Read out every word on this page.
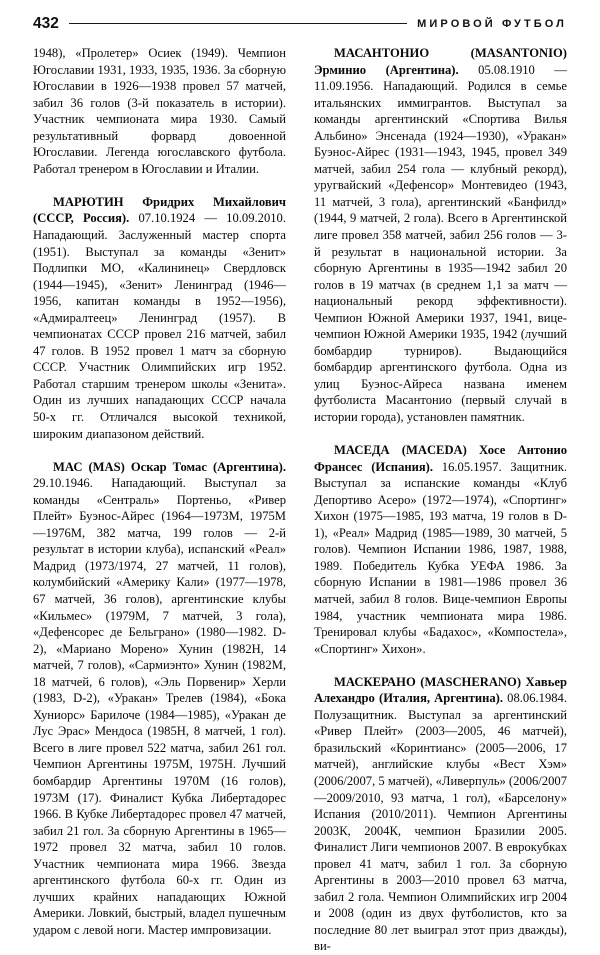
432	МИРОВОЙ ФУТБОЛ

1948), «Пролетер» Осиек (1949). Чемпион Югославии 1931, 1933, 1935, 1936. За сборную Югославии в 1926—1938 провел 57 матчей, забил 36 голов (3-й показатель в истории). Участник чемпионата мира 1930. Самый результативный форвард довоенной Югославии. Легенда югославского футбола. Работал тренером в Югославии и Италии.

МАРЮТИН Фридрих Михайлович (СССР, Россия). 07.10.1924 — 10.09.2010. Нападающий. Заслуженный мастер спорта (1951). Выступал за команды «Зенит» Подлипки МО, «Калининец» Свердловск (1944—1945), «Зенит» Ленинград (1946—1956, капитан команды в 1952—1956), «Адмиралтеец» Ленинград (1957). В чемпионатах СССР провел 216 матчей, забил 47 голов. В 1952 провел 1 матч за сборную СССР. Участник Олимпийских игр 1952. Работал старшим тренером школы «Зенита». Один из лучших нападающих СССР начала 50-х гг. Отличался высокой техникой, широким диапазоном действий.

МАС (MAS) Оскар Томас (Аргентина). 29.10.1946. Нападающий. Выступал за команды «Сентраль» Портеньо, «Ривер Плейт» Буэнос-Айрес (1964—1973М, 1975М—1976М, 382 матча, 199 голов — 2-й результат в истории клуба), испанский «Реал» Мадрид (1973/1974, 27 матчей, 11 голов), колумбийский «Америку Кали» (1977—1978, 67 матчей, 36 голов), аргентинские клубы «Кильмес» (1979М, 7 матчей, 3 гола), «Дефенсорес де Бельграно» (1980—1982. D-2), «Мариано Морено» Хунин (1982Н, 14 матчей, 7 голов), «Сармиэнто» Хунин (1982М, 18 матчей, 6 голов), «Эль Порвенир» Херли (1983, D-2), «Уракан» Трелев (1984), «Бока Хуниорс» Барилоче (1984—1985), «Уракан де Лус Эрас» Мендоса (1985Н, 8 матчей, 1 гол). Всего в лиге провел 522 матча, забил 261 гол. Чемпион Аргентины 1975М, 1975Н. Лучший бомбардир Аргентины 1970М (16 голов), 1973М (17). Финалист Кубка Либертадорес 1966. В Кубке Либертадорес провел 47 матчей, забил 21 гол. За сборную Аргентины в 1965—1972 провел 32 матча, забил 10 голов. Участник чемпионата мира 1966. Звезда аргентинского футбола 60-х гг. Один из лучших крайних нападающих Южной Америки. Ловкий, быстрый, владел пушечным ударом с левой ноги. Мастер импровизации.

МАСАНТОНИО (MASANTONIO) Эрминио (Аргентина). 05.08.1910 — 11.09.1956. Нападающий. Родился в семье итальянских иммигрантов. Выступал за команды аргентинский «Спортива Вилья Альбино» Энсенада (1924—1930), «Уракан» Буэнос-Айрес (1931—1943, 1945, провел 349 матчей, забил 254 гола — клубный рекорд), уругвайский «Дефенсор» Монтевидео (1943, 11 матчей, 3 гола), аргентинский «Банфилд» (1944, 9 матчей, 2 гола). Всего в Аргентинской лиге провел 358 матчей, забил 256 голов — 3-й результат в национальной истории. За сборную Аргентины в 1935—1942 забил 20 голов в 19 матчах (в среднем 1,1 за матч — национальный рекорд эффективности). Чемпион Южной Америки 1937, 1941, вице-чемпион Южной Америки 1935, 1942 (лучший бомбардир турниров). Выдающийся бомбардир аргентинского футбола. Одна из улиц Буэнос-Айреса названа именем футболиста Масантонио (первый случай в истории города), установлен памятник.

МАСЕДА (MACEDA) Хосе Антонио Франсес (Испания). 16.05.1957. Защитник. Выступал за испанские команды «Клуб Депортиво Асеро» (1972—1974), «Спортинг» Хихон (1975—1985, 193 матча, 19 голов в D-1), «Реал» Мадрид (1985—1989, 30 матчей, 5 голов). Чемпион Испании 1986, 1987, 1988, 1989. Победитель Кубка УЕФА 1986. За сборную Испании в 1981—1986 провел 36 матчей, забил 8 голов. Вице-чемпион Европы 1984, участник чемпионата мира 1986. Тренировал клубы «Бадахос», «Компостела», «Спортинг» Хихон».

МАСКЕРАНО (MASCHERANO) Хавьер Алехандро (Италия, Аргентина). 08.06.1984. Полузащитник. Выступал за аргентинский «Ривер Плейт» (2003—2005, 46 матчей), бразильский «Коринтианс» (2005—2006, 17 матчей), английские клубы «Вест Хэм» (2006/2007, 5 матчей), «Ливерпуль» (2006/2007—2009/2010, 93 матча, 1 гол), «Барселону» Испания (2010/2011). Чемпион Аргентины 2003К, 2004К, чемпион Бразилии 2005. Финалист Лиги чемпионов 2007. В еврокубках провел 41 матч, забил 1 гол. За сборную Аргентины в 2003—2010 провел 63 матча, забил 2 гола. Чемпион Олимпийских игр 2004 и 2008 (один из двух футболистов, кто за последние 80 лет выиграл этот приз дважды), ви-
